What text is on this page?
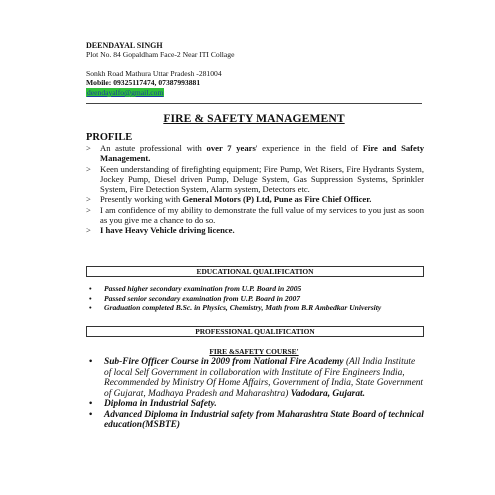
DEENDAYAL SINGH
Plot No. 84 Gopaldham Face-2 Near ITI Collage
Sonkh Road Mathura Uttar Pradesh -281004
Mobile: 09325117474, 07387993881
deendayalfo@gmail.com
FIRE & SAFETY MANAGEMENT
PROFILE
> An astute professional with over 7 years' experience in the field of Fire and Safety Management.
> Keen understanding of firefighting equipment; Fire Pump, Wet Risers, Fire Hydrants System, Jockey Pump, Diesel driven Pump, Deluge System, Gas Suppression Systems, Sprinkler System, Fire Detection System, Alarm system, Detectors etc.
> Presently working with General Motors (P) Ltd, Pune as Fire Chief Officer.
> I am confidence of my ability to demonstrate the full value of my services to you just as soon as you give me a chance to do so.
> I have Heavy Vehicle driving licence.
EDUCATIONAL QUALIFICATION
• Passed higher secondary examination from U.P. Board in 2005
• Passed senior secondary examination from U.P. Board in 2007
• Graduation completed B.Sc. in Physics, Chemistry, Math from B.R Ambedkar University
PROFESSIONAL QUALIFICATION
FIRE &SAFETY COURSE'
• Sub-Fire Officer Course in 2009 from National Fire Academy (All India Institute of local Self Government in collaboration with Institute of Fire Engineers India, Recommended by Ministry Of Home Affairs, Government of India, State Government of Gujarat, Madhaya Pradesh and Maharashtra) Vadodara, Gujarat.
• Diploma in Industrial Safety.
• Advanced Diploma in Industrial safety from Maharashtra State Board of technical education(MSBTE)
